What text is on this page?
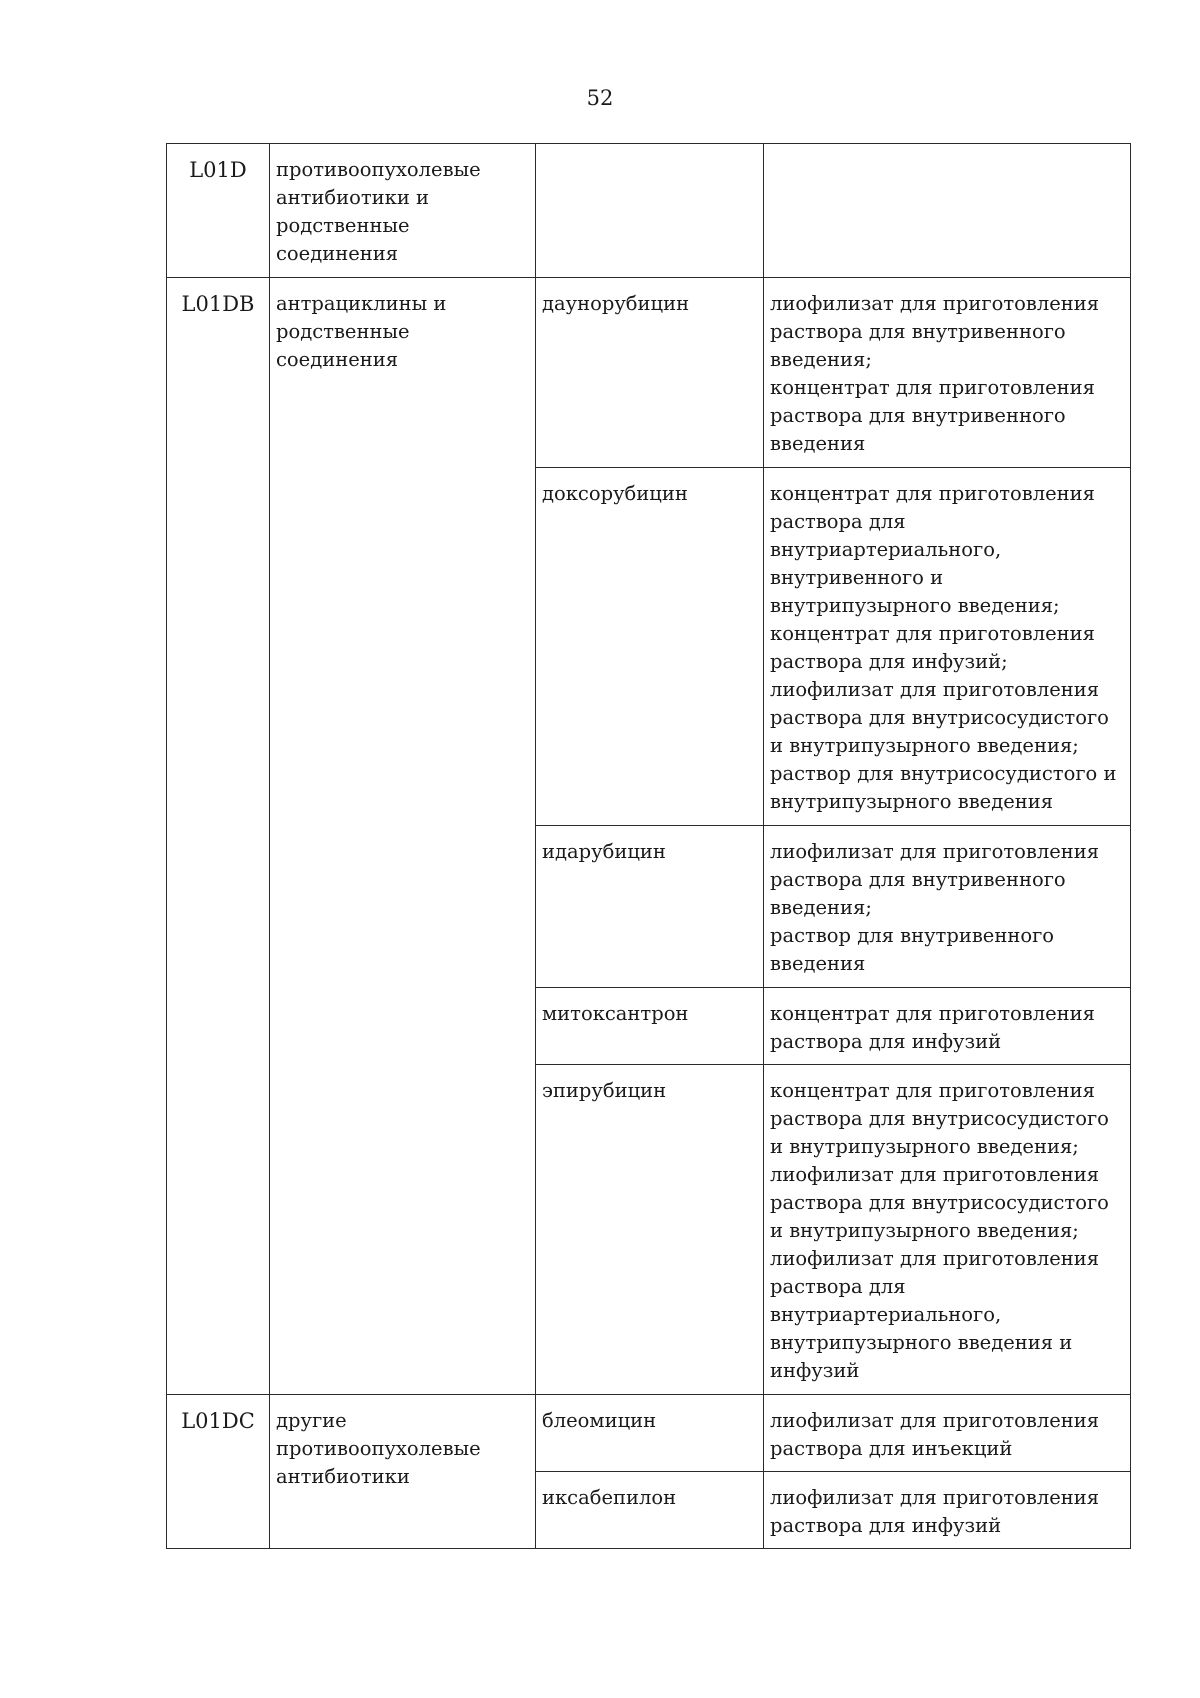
52
L01D	противоопухолевые антибиотики и родственные соединения		
L01DB	антрациклины и родственные соединения	даунорубицин	лиофилизат для приготовления раствора для внутривенного введения;
концентрат для приготовления раствора для внутривенного введения

		доксорубицин	концентрат для приготовления раствора для внутриартериального, внутривенного и внутрипузырного введения;
концентрат для приготовления раствора для инфузий;
лиофилизат для приготовления раствора для внутрисосудистого и внутрипузырного введения;
раствор для внутрисосудистого и внутрипузырного введения

		идарубицин	лиофилизат для приготовления раствора для внутривенного введения;
раствор для внутривенного введения

		митоксантрон	концентрат для приготовления раствора для инфузий

		эпирубицин	концентрат для приготовления раствора для внутрисосудистого и внутрипузырного введения;
лиофилизат для приготовления раствора для внутрисосудистого и внутрипузырного введения;
лиофилизат для приготовления раствора для внутриартериального, внутрипузырного введения и инфузий

L01DC	другие противоопухолевые антибиотики	блеомицин	лиофилизат для приготовления раствора для инъекций

		иксабепилон	лиофилизат для приготовления раствора для инфузий
